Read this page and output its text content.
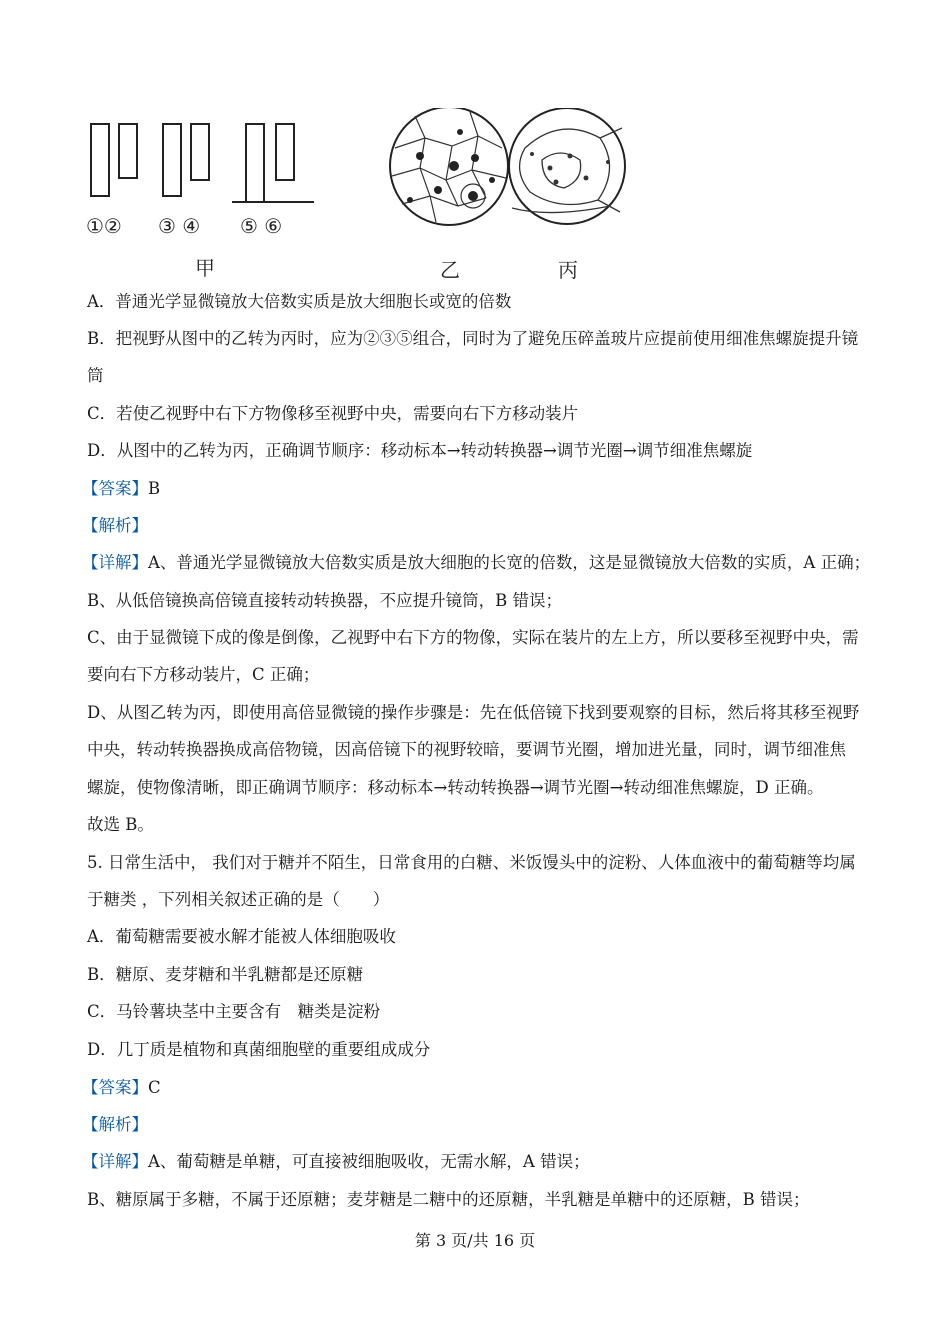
①② ③ ④ ⑤ ⑥
甲	乙	丙
A．普通光学显微镜放大倍数实质是放大细胞长或宽的倍数
B．把视野从图中的乙转为丙时，应为②③⑤组合，同时为了避免压碎盖玻片应提前使用细准焦螺旋提升镜
筒
C．若使乙视野中右下方物像移至视野中央，需要向右下方移动装片
D．从图中的乙转为丙，正确调节顺序：移动标本→转动转换器→调节光圈→调节细准焦螺旋
【答案】B
【解析】
【详解】A、普通光学显微镜放大倍数实质是放大细胞的长宽的倍数，这是显微镜放大倍数的实质，A 正确；
B、从低倍镜换高倍镜直接转动转换器，不应提升镜筒，B 错误；
C、由于显微镜下成的像是倒像，乙视野中右下方的物像，实际在装片的左上方，所以要移至视野中央，需
要向右下方移动装片，C 正确；
D、从图乙转为丙，即使用高倍显微镜的操作步骤是：先在低倍镜下找到要观察的目标，然后将其移至视野
中央，转动转换器换成高倍物镜，因高倍镜下的视野较暗，要调节光圈，增加进光量，同时，调节细准焦
螺旋，使物像清晰，即正确调节顺序：移动标本→转动转换器→调节光圈→转动细准焦螺旋，D 正确。
故选 B。
5. 日常生活中， 我们对于糖并不陌生，日常食用的白糖、米饭馒头中的淀粉、人体血液中的葡萄糖等均属
于糖类 ，下列相关叙述正确的是（　　）
A．葡萄糖需要被水解才能被人体细胞吸收
B．糖原、麦芽糖和半乳糖都是还原糖
C．马铃薯块茎中主要含有　糖类是淀粉
D．几丁质是植物和真菌细胞壁的重要组成成分
【答案】C
【解析】
【详解】A、葡萄糖是单糖，可直接被细胞吸收，无需水解，A 错误；
B、糖原属于多糖，不属于还原糖；麦芽糖是二糖中的还原糖，半乳糖是单糖中的还原糖，B 错误；
第 3 页/共 16 页
